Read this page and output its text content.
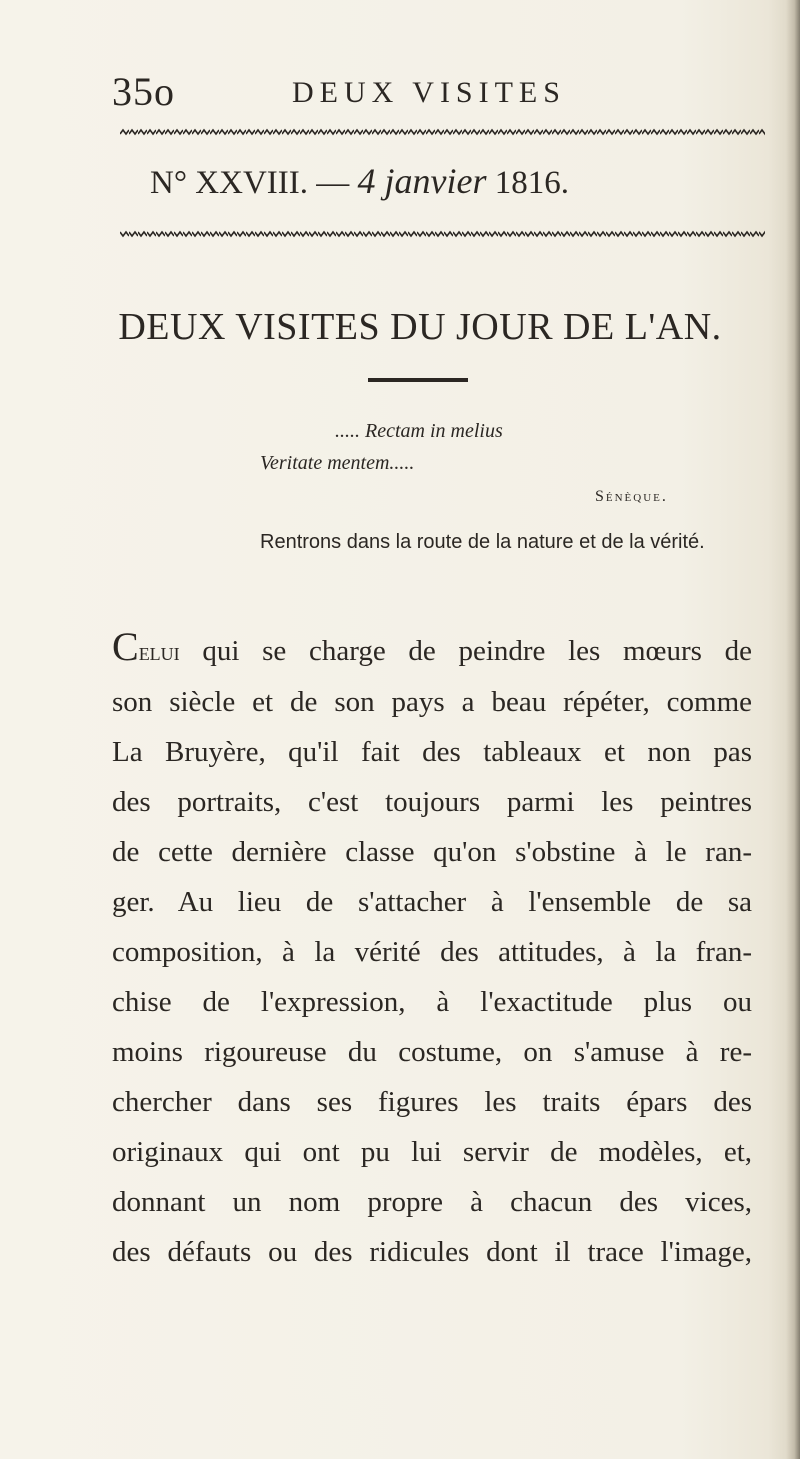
35o	DEUX VISITES
N° XXVIII. — 4 janvier 1816.
DEUX VISITES DU JOUR DE L'AN.
..... Rectam in melius
Veritate mentem.....
Sénèque.
Rentrons dans la route de la nature et de la vérité.
Celui qui se charge de peindre les mœurs de
son siècle et de son pays a beau répéter, comme
La Bruyère, qu'il fait des tableaux et non pas
des portraits, c'est toujours parmi les peintres
de cette dernière classe qu'on s'obstine à le ran-
ger. Au lieu de s'attacher à l'ensemble de sa
composition, à la vérité des attitudes, à la fran-
chise de l'expression, à l'exactitude plus ou
moins rigoureuse du costume, on s'amuse à re-
chercher dans ses figures les traits épars des
originaux qui ont pu lui servir de modèles, et,
donnant un nom propre à chacun des vices,
des défauts ou des ridicules dont il trace l'image,
